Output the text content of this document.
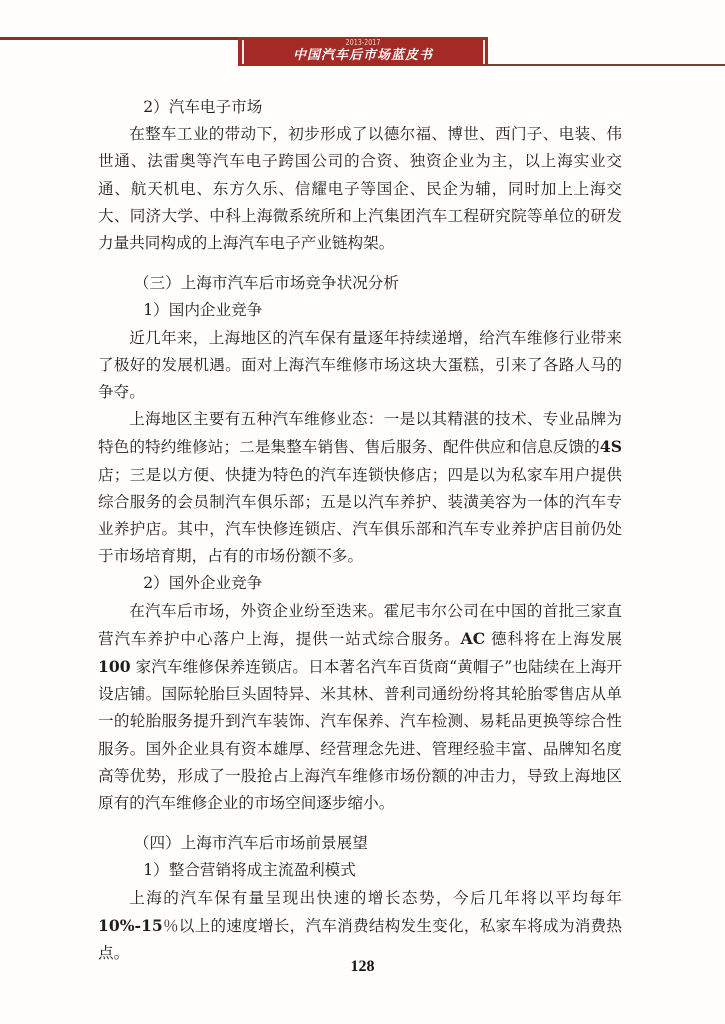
2013-2017
中国汽车后市场蓝皮书

2）汽车电子市场

在整车工业的带动下，初步形成了以德尔福、博世、西门子、电装、伟世通、法雷奥等汽车电子跨国公司的合资、独资企业为主，以上海实业交通、航天机电、东方久乐、信耀电子等国企、民企为辅，同时加上上海交大、同济大学、中科上海微系统所和上汽集团汽车工程研究院等单位的研发力量共同构成的上海汽车电子产业链构架。

（三）上海市汽车后市场竞争状况分析

1）国内企业竞争

近几年来，上海地区的汽车保有量逐年持续递增，给汽车维修行业带来了极好的发展机遇。面对上海汽车维修市场这块大蛋糕，引来了各路人马的争夺。

上海地区主要有五种汽车维修业态：一是以其精湛的技术、专业品牌为特色的特约维修站；二是集整车销售、售后服务、配件供应和信息反馈的4S店；三是以方便、快捷为特色的汽车连锁快修店；四是以为私家车用户提供综合服务的会员制汽车俱乐部；五是以汽车养护、装潢美容为一体的汽车专业养护店。其中，汽车快修连锁店、汽车俱乐部和汽车专业养护店目前仍处于市场培育期，占有的市场份额不多。

2）国外企业竞争

在汽车后市场，外资企业纷至迭来。霍尼韦尔公司在中国的首批三家直营汽车养护中心落户上海，提供一站式综合服务。AC 德科将在上海发展 100 家汽车维修保养连锁店。日本著名汽车百货商“黄帽子”也陆续在上海开设店铺。国际轮胎巨头固特异、米其林、普利司通纷纷将其轮胎零售店从单一的轮胎服务提升到汽车装饰、汽车保养、汽车检测、易耗品更换等综合性服务。国外企业具有资本雄厚、经营理念先进、管理经验丰富、品牌知名度高等优势，形成了一股抢占上海汽车维修市场份额的冲击力，导致上海地区原有的汽车维修企业的市场空间逐步缩小。

（四）上海市汽车后市场前景展望

1）整合营销将成主流盈利模式

上海的汽车保有量呈现出快速的增长态势，今后几年将以平均每年10%-15％以上的速度增长，汽车消费结构发生变化，私家车将成为消费热点。

128
